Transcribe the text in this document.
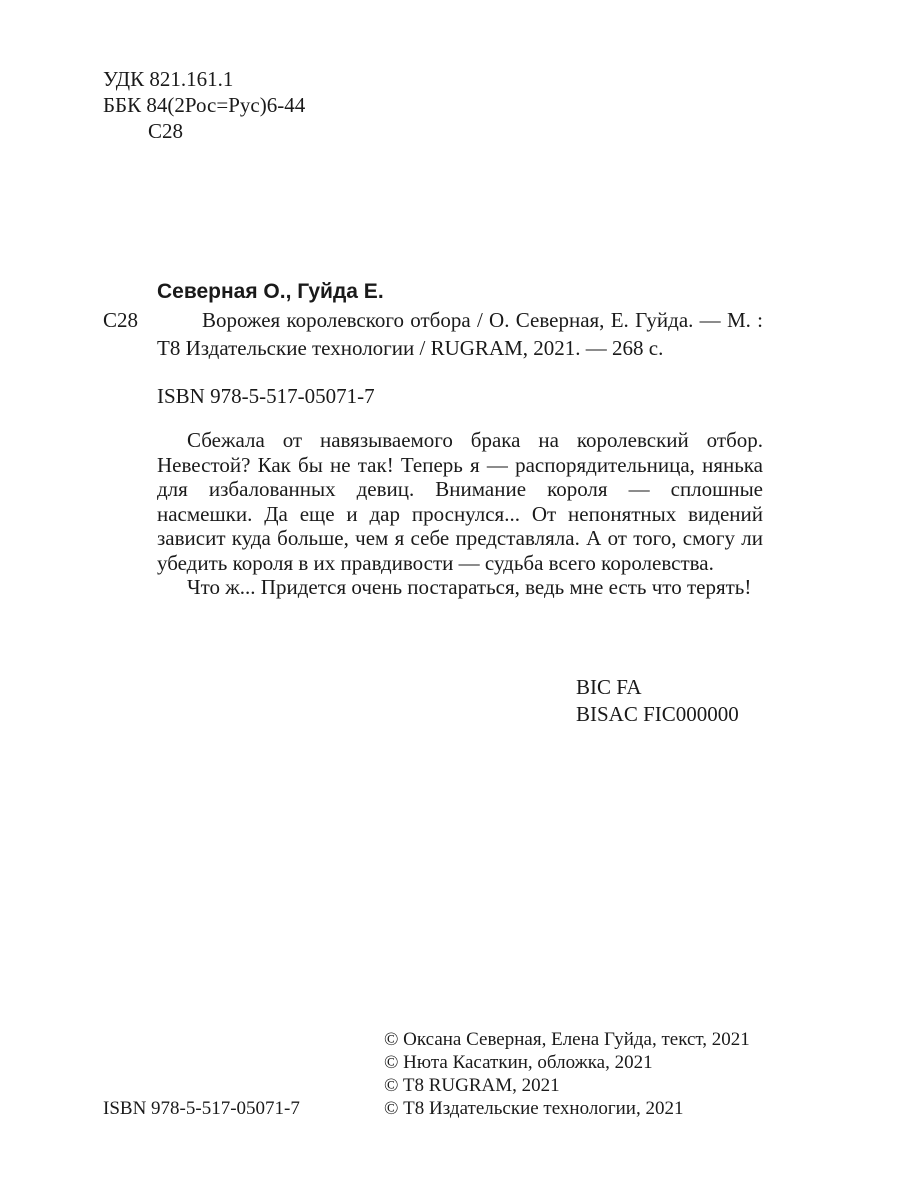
УДК 821.161.1
ББК 84(2Рос=Рус)6-44
С28
Северная О., Гуйда Е.
С28	Ворожея королевского отбора / О. Северная, Е. Гуйда. — М. : Т8 Издательские технологии / RUGRAM, 2021. — 268 с.
ISBN 978-5-517-05071-7

Сбежала от навязываемого брака на королевский отбор. Невестой? Как бы не так! Теперь я — распорядительница, нянька для избалованных девиц. Внимание короля — сплошные насмешки. Да еще и дар проснулся... От непонятных видений зависит куда больше, чем я себе представляла. А от того, смогу ли убедить короля в их правдивости — судьба всего королевства.

Что ж... Придется очень постараться, ведь мне есть что терять!

BIC FA
BISAC FIC000000
© Оксана Северная, Елена Гуйда, текст, 2021
© Нюта Касаткин, обложка, 2021
© T8 RUGRAM, 2021
© Т8 Издательские технологии, 2021
ISBN 978-5-517-05071-7
